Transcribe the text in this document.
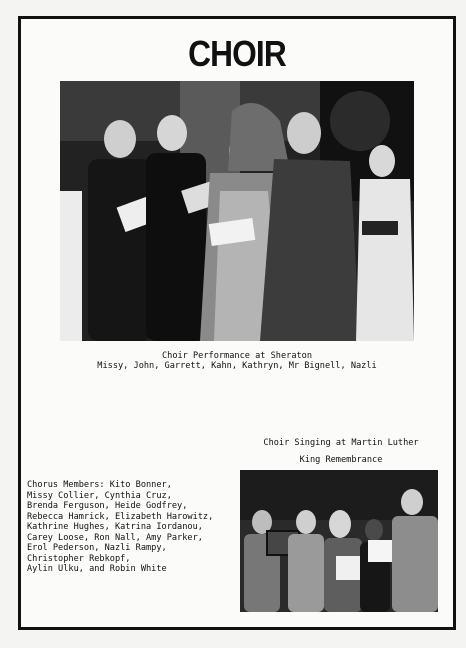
CHOIR
Choir Performance at Sheraton
Missy, John, Garrett, Kahn, Kathryn, Mr Bignell, Nazli
Choir Singing at Martin Luther
King Remembrance
Chorus Members: Kito Bonner,
Missy Collier, Cynthia Cruz,
Brenda Ferguson, Heide Godfrey,
Rebecca Hamrick, Elizabeth Harowitz,
Kathrine Hughes, Katrina Iordanou,
Carey Loose, Ron Nall, Amy Parker,
Erol Pederson, Nazli Rampy,
Christopher Rebkopf,
Aylin Ulku, and Robin White
